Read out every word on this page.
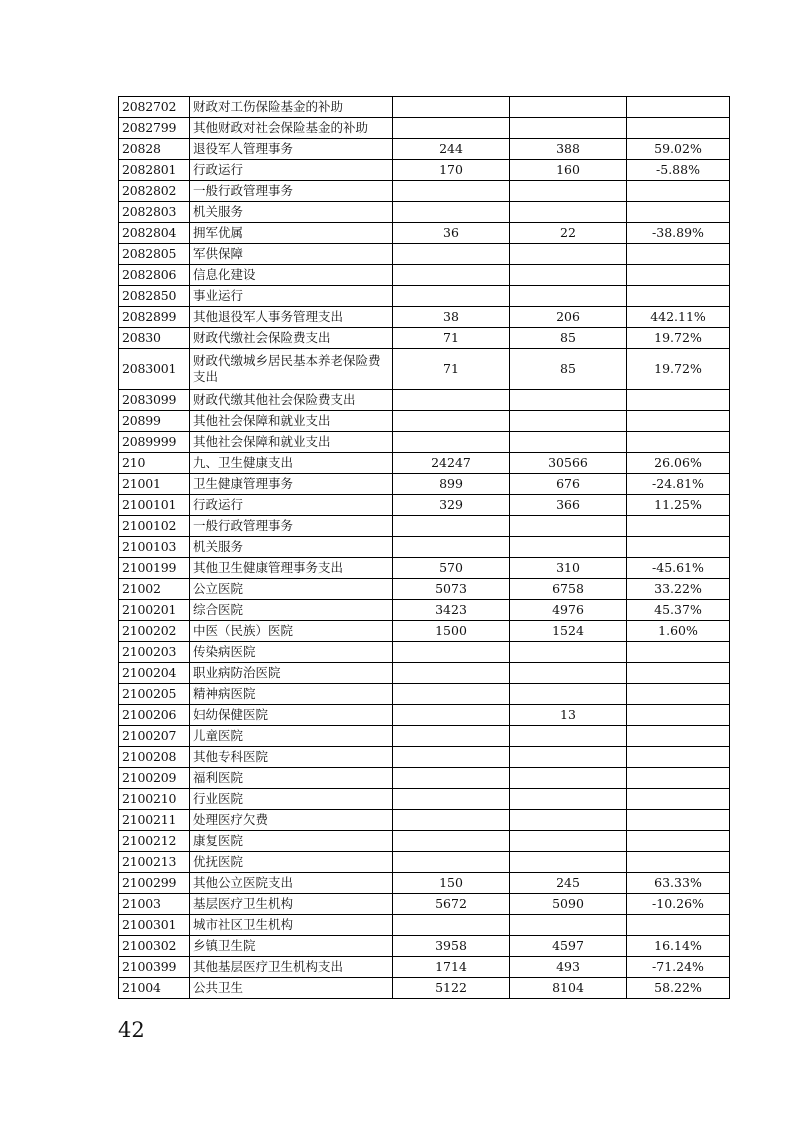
2082702	财政对工伤保险基金的补助			
2082799	其他财政对社会保险基金的补助			
20828	退役军人管理事务	244	388	59.02%
2082801	行政运行	170	160	-5.88%
2082802	一般行政管理事务			
2082803	机关服务			
2082804	拥军优属	36	22	-38.89%
2082805	军供保障			
2082806	信息化建设			
2082850	事业运行			
2082899	其他退役军人事务管理支出	38	206	442.11%
20830	财政代缴社会保险费支出	71	85	19.72%
2083001	财政代缴城乡居民基本养老保险费支出	71	85	19.72%
2083099	财政代缴其他社会保险费支出			
20899	其他社会保障和就业支出			
2089999	其他社会保障和就业支出			
210	九、卫生健康支出	24247	30566	26.06%
21001	卫生健康管理事务	899	676	-24.81%
2100101	行政运行	329	366	11.25%
2100102	一般行政管理事务			
2100103	机关服务			
2100199	其他卫生健康管理事务支出	570	310	-45.61%
21002	公立医院	5073	6758	33.22%
2100201	综合医院	3423	4976	45.37%
2100202	中医（民族）医院	1500	1524	1.60%
2100203	传染病医院			
2100204	职业病防治医院			
2100205	精神病医院			
2100206	妇幼保健医院		13	
2100207	儿童医院			
2100208	其他专科医院			
2100209	福利医院			
2100210	行业医院			
2100211	处理医疗欠费			
2100212	康复医院			
2100213	优抚医院			
2100299	其他公立医院支出	150	245	63.33%
21003	基层医疗卫生机构	5672	5090	-10.26%
2100301	城市社区卫生机构			
2100302	乡镇卫生院	3958	4597	16.14%
2100399	其他基层医疗卫生机构支出	1714	493	-71.24%
21004	公共卫生	5122	8104	58.22%
42
